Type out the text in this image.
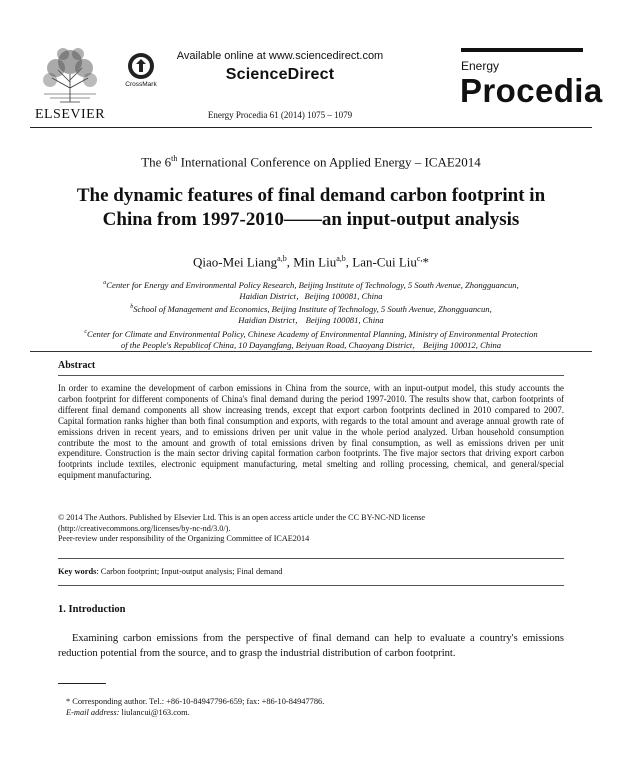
ELSEVIER
CrossMark
Available online at www.sciencedirect.com
ScienceDirect
Energy Procedia 61 (2014) 1075 – 1079
Energy
Procedia
The 6th International Conference on Applied Energy – ICAE2014
The dynamic features of final demand carbon footprint in
China from 1997-2010——an input-output analysis
Qiao-Mei Liang$^{a,b}$, Min Liu$^{a,b}$, Lan-Cui Liu$^{c,}$*
$^a$Center for Energy and Environmental Policy Research, Beijing Institute of Technology, 5 South Avenue, Zhongguancun,
Haidian District，Beijing 100081, China
$^b$School of Management and Economics, Beijing Institute of Technology, 5 South Avenue, Zhongguancun,
Haidian District， Beijing 100081, China
$^c$Center for Climate and Environmental Policy, Chinese Academy of Environmental Planning, Ministry of Environmental Protection
of the People's Republicof China, 10 Dayangfang, Beiyuan Road, Chaoyang District， Beijing 100012, China
Abstract
In order to examine the development of carbon emissions in China from the source, with an input-output model, this study accounts the carbon footprint for different components of China's final demand during the period 1997-2010. The results show that, carbon footprints of different final demand components all show increasing trends, except that export carbon footprints declined in 2010 compared to 2007. Capital formation ranks higher than both final consumption and exports, with regards to the total amount and average annual growth rate of emissions driven in recent years, and to emissions driven per unit value in the whole period analyzed. Urban household consumption contribute the most to the amount and growth of total emissions driven by final consumption, as well as emissions driven per unit expenditure. Construction is the main sector driving capital formation carbon footprints. The five major sectors that driving export carbon footprints include textiles, electronic equipment manufacturing, metal smelting and rolling processing, chemical, and general/special equipment manufacturing.
© 2014 The Authors. Published by Elsevier Ltd. This is an open access article under the CC BY-NC-ND license
(http://creativecommons.org/licenses/by-nc-nd/3.0/).
Peer-review under responsibility of the Organizing Committee of ICAE2014
Key words: Carbon footprint; Input-output analysis; Final demand
1. Introduction
Examining carbon emissions from the perspective of final demand can help to evaluate a country's emissions reduction potential from the source, and to grasp the industrial distribution of carbon footprint.
* Corresponding author. Tel.: +86-10-84947796-659; fax: +86-10-84947786.
E-mail address: liulancui@163.com.
